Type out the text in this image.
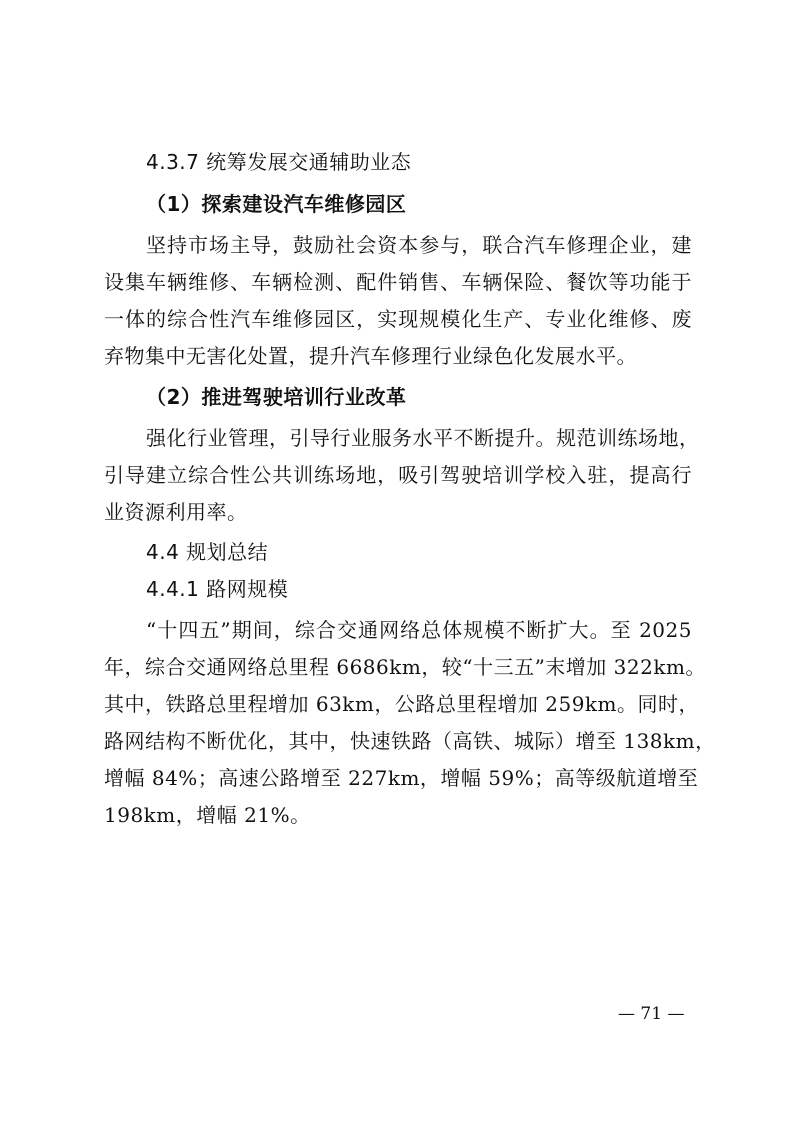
4.3.7 统筹发展交通辅助业态
（1）探索建设汽车维修园区
坚持市场主导，鼓励社会资本参与，联合汽车修理企业，建
设集车辆维修、车辆检测、配件销售、车辆保险、餐饮等功能于
一体的综合性汽车维修园区，实现规模化生产、专业化维修、废
弃物集中无害化处置，提升汽车修理行业绿色化发展水平。
（2）推进驾驶培训行业改革
强化行业管理，引导行业服务水平不断提升。规范训练场地，
引导建立综合性公共训练场地，吸引驾驶培训学校入驻，提高行
业资源利用率。
4.4 规划总结
4.4.1 路网规模
“十四五”期间，综合交通网络总体规模不断扩大。至 2025
年，综合交通网络总里程 6686km，较“十三五”末增加 322km。
其中，铁路总里程增加 63km，公路总里程增加 259km。同时，
路网结构不断优化，其中，快速铁路（高铁、城际）增至 138km，
增幅 84%；高速公路增至 227km，增幅 59%；高等级航道增至
198km，增幅 21%。
— 71 —
